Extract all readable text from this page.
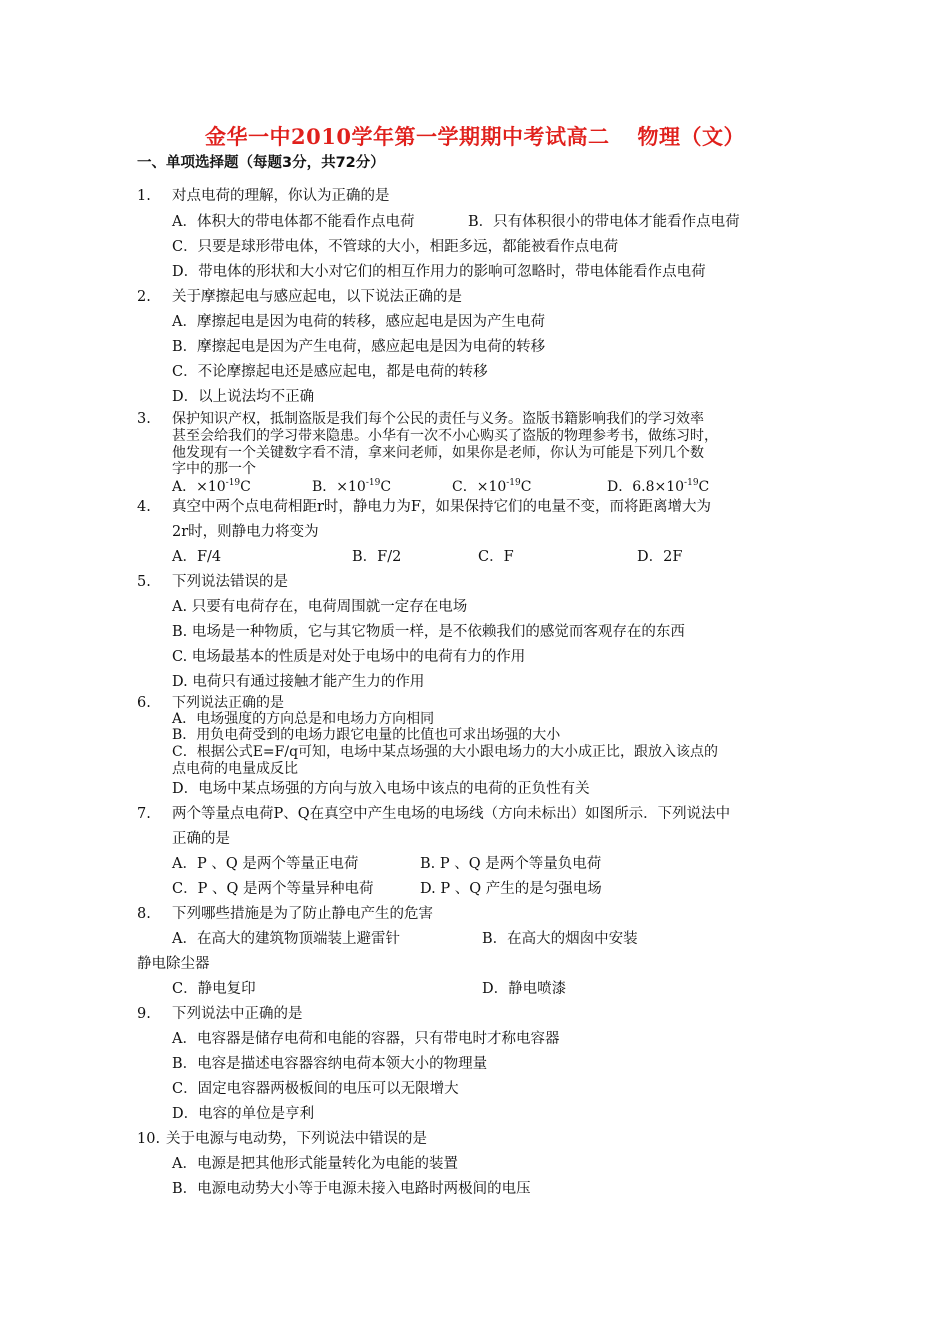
金华一中2010学年第一学期期中考试高二 物理（文）
一、单项选择题（每题3分，共72分）
1. 对点电荷的理解，你认为正确的是
A．体积大的带电体都不能看作点电荷	B．只有体积很小的带电体才能看作点电荷
C．只要是球形带电体，不管球的大小，相距多远，都能被看作点电荷
D．带电体的形状和大小对它们的相互作用力的影响可忽略时，带电体能看作点电荷
2. 关于摩擦起电与感应起电，以下说法正确的是
A．摩擦起电是因为电荷的转移，感应起电是因为产生电荷
B．摩擦起电是因为产生电荷，感应起电是因为电荷的转移
C．不论摩擦起电还是感应起电，都是电荷的转移
D．以上说法均不正确
3. 保护知识产权，抵制盗版是我们每个公民的责任与义务。盗版书籍影响我们的学习效率
甚至会给我们的学习带来隐患。小华有一次不小心购买了盗版的物理参考书，做练习时，
他发现有一个关键数字看不清，拿来问老师，如果你是老师，你认为可能是下列几个数
字中的那一个
A．$\times 10^{-19}C$	B．$\times 10^{-19}C$	C．$\times 10^{-19}C$	D．$6.8\times 10^{-19}C$
4. 真空中两个点电荷相距r时，静电力为F，如果保持它们的电量不变，而将距离增大为
2r时，则静电力将变为
A．F/4	B．F/2	C．F	D．2F
5. 下列说法错误的是
A. 只要有电荷存在，电荷周围就一定存在电场
B. 电场是一种物质，它与其它物质一样，是不依赖我们的感觉而客观存在的东西
C. 电场最基本的性质是对处于电场中的电荷有力的作用
D. 电荷只有通过接触才能产生力的作用
6. 下列说法正确的是
A．电场强度的方向总是和电场力方向相同
B．用负电荷受到的电场力跟它电量的比值也可求出场强的大小
C．根据公式E=F/q可知，电场中某点场强的大小跟电场力的大小成正比，跟放入该点的
点电荷的电量成反比
D．电场中某点场强的方向与放入电场中该点的电荷的正负性有关
7. 两个等量点电荷P、Q在真空中产生电场的电场线（方向未标出）如图所示．下列说法中
正确的是
A．P 、Q 是两个等量正电荷	B. P 、Q 是两个等量负电荷
C．P 、Q 是两个等量异种电荷	D. P 、Q 产生的是匀强电场
8. 下列哪些措施是为了防止静电产生的危害
A．在高大的建筑物顶端装上避雷针	B．在高大的烟囱中安装
静电除尘器
C．静电复印	D．静电喷漆
9. 下列说法中正确的是
A．电容器是储存电荷和电能的容器，只有带电时才称电容器
B．电容是描述电容器容纳电荷本领大小的物理量
C．固定电容器两极板间的电压可以无限增大
D．电容的单位是亨利
10. 关于电源与电动势，下列说法中错误的是
A．电源是把其他形式能量转化为电能的装置
B．电源电动势大小等于电源未接入电路时两极间的电压
